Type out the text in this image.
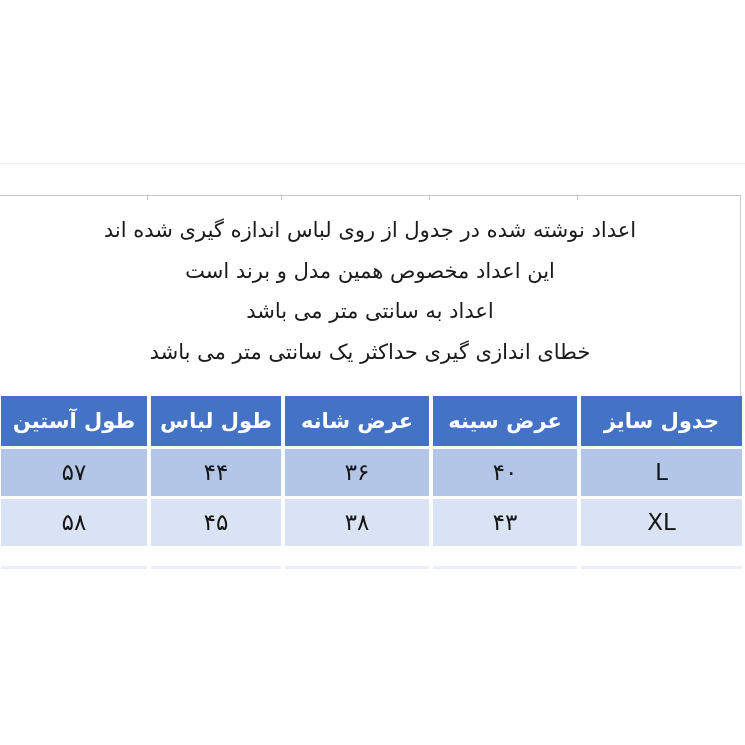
اعداد نوشته شده در جدول از روی لباس اندازه گیری شده اند
این اعداد مخصوص همین مدل و برند است
اعداد به سانتی متر می باشد
خطای اندازی گیری حداکثر یک سانتی متر می باشد
جدول سایز
عرض سینه
عرض شانه
طول لباس
طول آستین
L
۴۰
۳۶
۴۴
۵۷
XL
۴۳
۳۸
۴۵
۵۸
